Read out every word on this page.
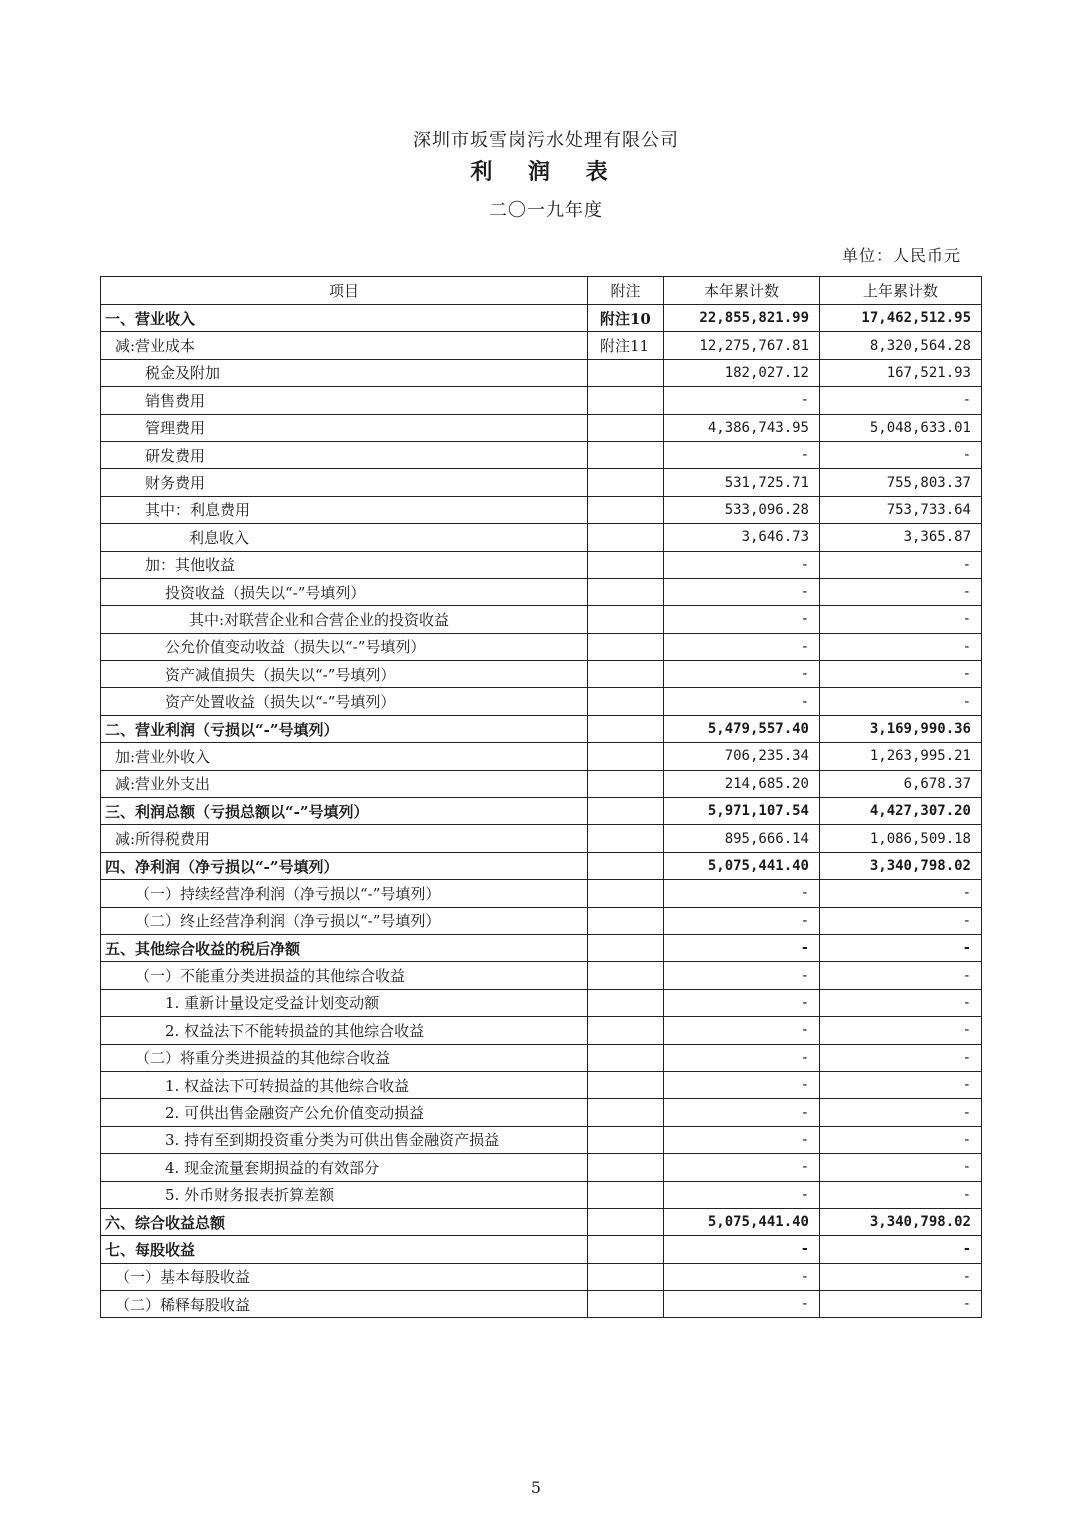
深圳市坂雪岗污水处理有限公司
利 润 表
二〇一九年度
单位：人民币元
项目	附注	本年累计数	上年累计数
一、营业收入	附注10	22,855,821.99	17,462,512.95
减:营业成本	附注11	12,275,767.81	8,320,564.28
税金及附加		182,027.12	167,521.93
销售费用		-	-
管理费用		4,386,743.95	5,048,633.01
研发费用		-	-
财务费用		531,725.71	755,803.37
其中：利息费用		533,096.28	753,733.64
利息收入		3,646.73	3,365.87
加：其他收益		-	-
投资收益（损失以“-”号填列）		-	-
其中:对联营企业和合营企业的投资收益		-	-
公允价值变动收益（损失以“-”号填列）		-	-
资产减值损失（损失以“-”号填列）		-	-
资产处置收益（损失以“-”号填列）		-	-
二、营业利润（亏损以“-”号填列）		5,479,557.40	3,169,990.36
加:营业外收入		706,235.34	1,263,995.21
减:营业外支出		214,685.20	6,678.37
三、利润总额（亏损总额以“-”号填列）		5,971,107.54	4,427,307.20
减:所得税费用		895,666.14	1,086,509.18
四、净利润（净亏损以“-”号填列）		5,075,441.40	3,340,798.02
（一）持续经营净利润（净亏损以“-”号填列）		-	-
（二）终止经营净利润（净亏损以“-”号填列）		-	-
五、其他综合收益的税后净额		-	-
（一）不能重分类进损益的其他综合收益		-	-
1. 重新计量设定受益计划变动额		-	-
2. 权益法下不能转损益的其他综合收益		-	-
（二）将重分类进损益的其他综合收益		-	-
1. 权益法下可转损益的其他综合收益		-	-
2. 可供出售金融资产公允价值变动损益		-	-
3. 持有至到期投资重分类为可供出售金融资产损益		-	-
4. 现金流量套期损益的有效部分		-	-
5. 外币财务报表折算差额		-	-
六、综合收益总额		5,075,441.40	3,340,798.02
七、每股收益		-	-
（一）基本每股收益		-	-
（二）稀释每股收益		-	-
5
